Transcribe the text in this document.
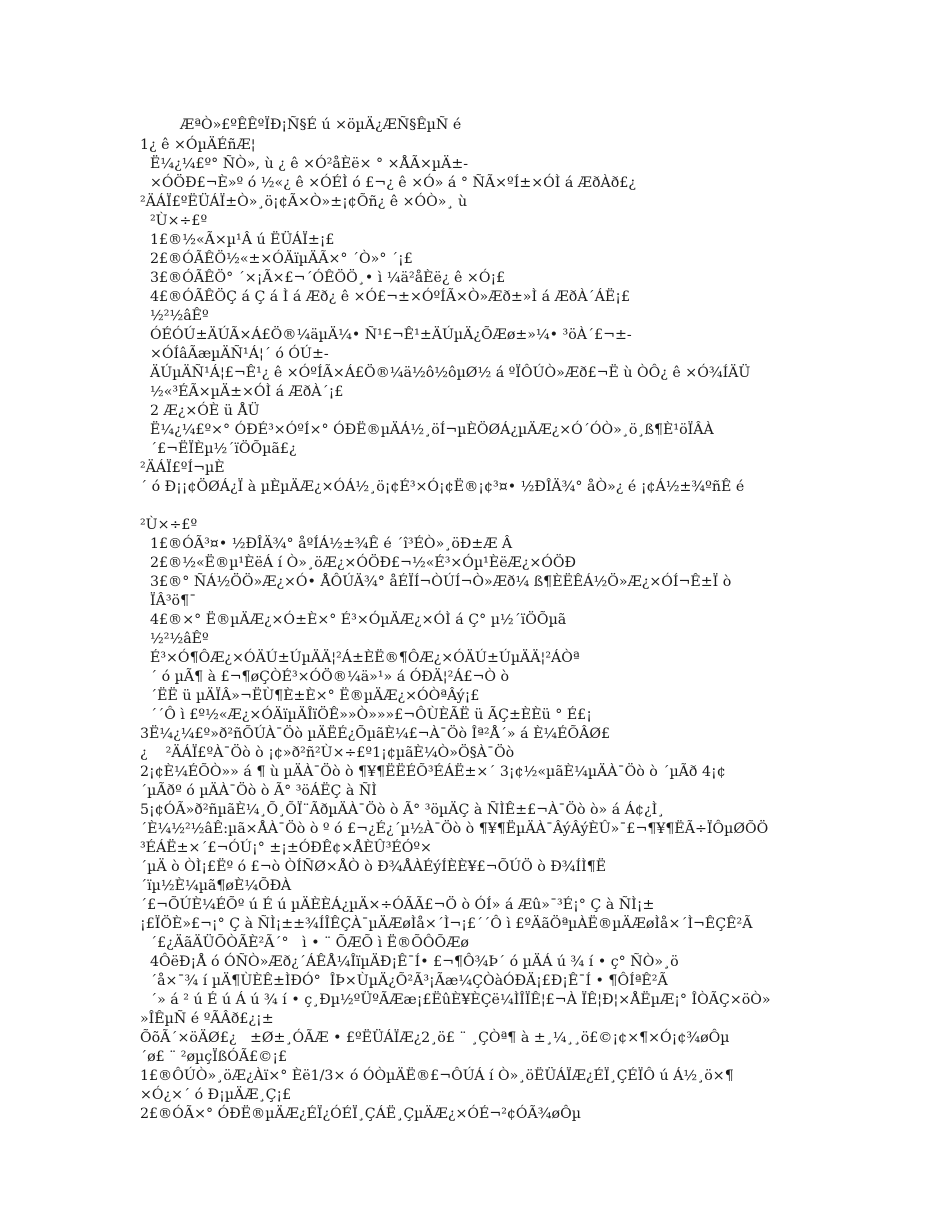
ÆªÒ»£ºÊÊºÏÐ¡Ñ§É ú ×öµÄ¿ÆÑ§ÊµÑ é
1¿ ê ×ÓµÄÉñÆ¦
Ë¼¿¼£º° ÑÒ», ù ¿ ê ×Ó²åÈë× ° ×ÅÃ×µÄ±-
×ÓÖÐ£¬È»º ó ½«¿ ê ×ÓÉÌ ó £¬¿ ê ×Ó» á ° ÑÃ×ºÍ±×ÓÌ á ÆðÀð£¿
²ÄÁÏ£ºËÜÁÏ±Ò»¸ö¡¢Ã×Ò»±¡¢Õñ¿ ê ×ÓÒ»¸ ù
²Ù×÷£º
1£®½«Ã×µ¹Â ú ËÜÁÏ±¡£
2£®ÓÃÊÖ½«±×ÓÄïµÄÃ×° ´Ò»° ´¡£
3£®ÓÃÊÖ° ´×¡Ã×£¬´ÓÊÖÖ¸• ì ¼ä²åÈë¿ ê ×Ó¡£
4£®ÓÃÊÖÇ á Ç á Ì á Æð¿ ê ×Ó£¬±×ÓºÍÃ×Ò»Æð±»Ì á ÆðÀ´ÁË¡£
½²½âÊº
ÓÉÓÚ±ÄÚÃ×Á£Ö®¼äµÄ¼• Ñ¹£¬Ê¹±ÄÚµÄ¿ÕÆø±»¼• ³öÀ´£¬±-
×ÓÍâÃæµÄÑ¹Á¦´ ó ÓÚ±-
ÄÚµÄÑ¹Á¦£¬Ê¹¿ ê ×ÓºÍÃ×Á£Ö®¼ä½ô½ôµØ½ á ºÏÔÚÒ»Æð£¬Ë ù ÒÔ¿ ê ×Ó¾ÍÄÜ
½«³ÉÃ×µÄ±×ÓÌ á ÆðÀ´¡£
2 Æ¿×ÓÈ ü ÅÜ
Ë¼¿¼£º×° ÓÐÉ³×ÓºÍ×° ÓÐË®µÄÁ½¸öÍ¬µÈÖØÁ¿µÄÆ¿×Ó´ÓÒ»¸ö¸ß¶È¹öÏÂÀ
´£¬ËÏÈµ½´ïÖÕµã£¿
²ÄÁÏ£ºÍ¬µÈ
´ ó Ð¡¡¢ÖØÁ¿Ï à µÈµÄÆ¿×ÓÁ½¸ö¡¢É³×Ó¡¢Ë®¡¢³¤• ½ÐÎÄ¾° åÒ»¿ é ¡¢Á½±¾ºñÊ é
²Ù×÷£º
1£®ÓÃ³¤• ½ÐÎÄ¾° åºÍÁ½±¾Ê é ´î³ÉÒ»¸öÐ±Æ Â
2£®½«Ë®µ¹ÈëÁ í Ò»¸öÆ¿×ÓÖÐ£¬½«É³×Óµ¹ÈëÆ¿×ÓÖÐ
3£®° ÑÁ½ÖÖ»Æ¿×Ó• ÅÔÚÄ¾° åÉÏÍ¬ÒÚÍ¬Ò»Æð¼ ß¶ÈËÊÁ½Ö»Æ¿×ÓÍ¬Ê±Ï ò
ÏÂ³ö¶¯
4£®×° Ë®µÄÆ¿×Ó±È×° É³×ÓµÄÆ¿×ÓÌ á Ç° µ½´ïÖÕµã
½²½âÊº
É³×Ó¶ÔÆ¿×ÓÄÚ±ÚµÄÄ¦²Á±ÈË®¶ÔÆ¿×ÓÄÚ±ÚµÄÄ¦²ÁÒª
´ ó µÃ¶ à £¬¶øÇÒÉ³×ÓÖ®¼ä»¹» á ÓÐÄ¦²Á£¬Ò ò
´ËË ü µÄÏÂ»¬ËÙ¶È±È×° Ë®µÄÆ¿×ÓÒªÂý¡£
´´Ô ì £º½«Æ¿×ÓÄïµÄÎïÖÊ»»Ò»»»£¬ÔÙÈÃË ü ÃÇ±ÈÈü ° É£¡
3Ë¼¿¼£º»ð²ñÕÚÀ¯Öò µÄËÉ¿ÕµãÈ¼£¬À¯Öò Îª²Å´» á È¼ÉÕÂØ£
¿    ²ÄÁÏ£ºÀ¯Öò ò ¡¢»ð²ñ²Ù×÷£º1¡¢µãÈ¼Ò»Ö§À¯Öò
2¡¢È¼ÉÕÒ»» á ¶ ù µÄÀ¯Öò ò ¶¥¶ËËÉÕ³ÉÁË±×´ 3¡¢½«µãÈ¼µÄÀ¯Öò ò ´µÃð 4¡¢
´µÃðº ó µÄÀ¯Öò ò Ã° ³öÁËÇ à ÑÌ
5¡¢ÓÃ»ð²ñµãÈ¼¸Õ¸ÕÏ¨ÃðµÄÀ¯Öò ò Ã° ³öµÄÇ à ÑÌÊ±£¬À¯Öò ò» á Á¢¿Ì¸
´È¼½²½âÊ:µã×ÅÀ¯Öò ò º ó £¬¿É¿´µ½À¯Öò ò ¶¥¶ËµÄÀ¯ÂýÂýÈÛ»¯£¬¶¥¶ËÃ÷ÏÔµØÕÖ
³ÉÁË±×´£¬ÓÚ¡° ±¡±ÓÐÊ¢×ÅÈÛ³ÉÓº×
´µÄ ò ÒÌ¡£Ëº ó £¬ò ÒÍÑØ×ÅÒ ò Ð¾ÅÀÉýÍÈÈ¥£¬ÕÚÖ ò Ð¾ÍÌ¶Ë
´ïµ½È¼µã¶øÈ¼ÕÐÀ
´£¬ÕÚÈ¼ÉÕº ú É ú µÄÈÈÁ¿µÄ×÷ÓÃÃ£¬Ö ò ÓÍ» á Æû»¯³É¡° Ç à ÑÌ¡±
¡£ÏÖÈ»£¬¡° Ç à ÑÌ¡±±¾ÍÎÊÇÀ¯µÄÆøÌå×´Ì¬¡£´´Ô ì £ºÄãÖªµÀË®µÄÆøÌå×´Ì¬ÊÇÊ²Ã
´£¿ÄãÄÜÕÒÃÈ²Ã´°   ì • ¨ ÕÆÕ ì Ë®ÕÔÕÆø
4ÔëÐ¡Å ó ÓÑÒ»Æð¿´ÁÊÅ¼ÎïµÄÐ¡Ê¯Í• £¬¶Ô¾Þ´ ó µÄÁ ú ¾ í • ç° ÑÒ»¸ö
´å×¯¾ í µÄ¶ÙÈÊ±ÌÐÓ°  ÎÞ×ÙµÄ¿Õ²Ã³¡Ãæ¼ÇÒàÓÐÄ¡£Ð¡Ê¯Í • ¶ÔÍªÊ²Ã
´» á ² ú É ú Á ú ¾ í • ç¸Ðµ½ºÜºÃÆæ¡£ËûÈ¥ÈÇë¼ÌÎÏÊ¦£¬À ÏÊ¦Ð¦×ÅËµÆ¡° ÎÒÃÇ×öÒ»
»ÎÊµÑ é ºÃÂð£¿¡±
ÕõÃ´×öÄØ£¿   ±Ø±¸ÓÃÆ • £ºËÜÁÏÆ¿2¸ö£ ¨ ¸ÇÒª¶ à ±¸¼¸¸ö£©¡¢×¶×Ó¡¢¾øÔµ
´ø£ ¨ ²øµçÏßÓÃ£©¡£
1£®ÔÚÒ»¸öÆ¿Àï×° Èë1/3× ó ÓÒµÄË®£¬ÔÚÁ í Ò»¸öËÜÁÏÆ¿ÉÏ¸ÇÉÏÔ ú Á½¸ö×¶
×Ó¿×´ ó Ð¡µÄÆ¸Ç¡£
2£®ÓÃ×° ÓÐË®µÄÆ¿ÉÏ¿ÓÉÏ¸ÇÁË¸ÇµÄÆ¿×ÓÉ¬²¢ÓÃ¾øÔµ
